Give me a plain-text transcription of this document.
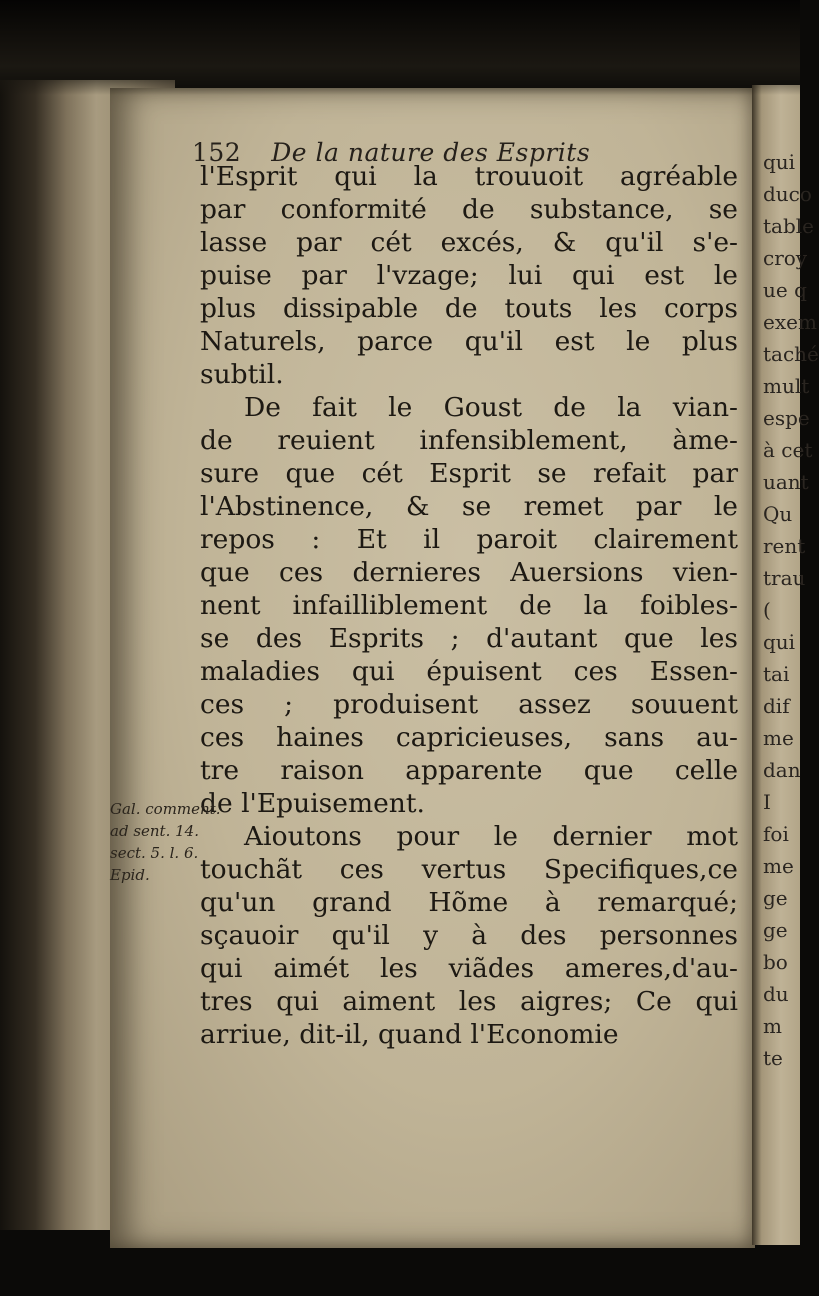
152 De la nature des Esprits
l'Esprit qui la trouuoit agréable
par conformité de substance, se
lasse par cét excés, & qu'il s'e-
puise par l'vzage; lui qui est le
plus dissipable de touts les corps
Naturels, parce qu'il est le plus
subtil.
De fait le Goust de la vian-
de reuient infensiblement, àme-
sure que cét Esprit se refait par
l'Abstinence, & se remet par le
repos : Et il paroit clairement
que ces dernieres Auersions vien-
nent infailliblement de la foibles-
se des Esprits ; d'autant que les
maladies qui épuisent ces Essen-
ces ; produisent assez souuent
ces haines capricieuses, sans au-
tre raison apparente que celle
de l'Epuisement.
Aioutons pour le dernier mot
touchãt ces vertus Specifiques,ce
qu'un grand Hõme à remarqué;
sçauoir qu'il y à des personnes
qui aimét les viãdes ameres,d'au-
tres qui aiment les aigres; Ce qui
arriue, dit-il, quand l'Economie
Gal. comment.
ad sent. 14.
sect. 5. l. 6.
Epid.
qui
duco
table
croy
ue q
exem
taché
mult
espe
à cet
uant
Qu
rent
trau
(
qui
tai
dif
me
dan
I
foi
me
ge
ge
bo
du
m
te
